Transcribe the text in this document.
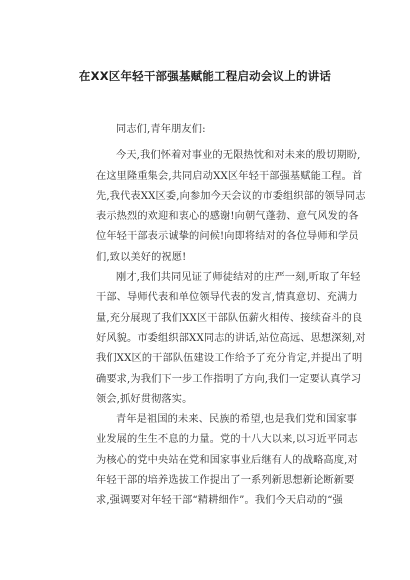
在XX区年轻干部强基赋能工程启动会议上的讲话

同志们,青年朋友们:

今天,我们怀着对事业的无限热忱和对未来的殷切期盼,
在这里隆重集会,共同启动XX区年轻干部强基赋能工程。首
先,我代表XX区委,向参加今天会议的市委组织部的领导同志
表示热烈的欢迎和衷心的感谢!向朝气蓬勃、意气风发的各
位年轻干部表示诚挚的问候!向即将结对的各位导师和学员
们,致以美好的祝愿!

刚才,我们共同见证了师徒结对的庄严一刻,听取了年轻
干部、导师代表和单位领导代表的发言,情真意切、充满力
量,充分展现了我们XX区干部队伍薪火相传、接续奋斗的良
好风貌。市委组织部XX同志的讲话,站位高远、思想深刻,对
我们XX区的干部队伍建设工作给予了充分肯定,并提出了明
确要求,为我们下一步工作指明了方向,我们一定要认真学习
领会,抓好贯彻落实。

青年是祖国的未来、民族的希望,也是我们党和国家事
业发展的生生不息的力量。党的十八大以来,以习近平同志
为核心的党中央站在党和国家事业后继有人的战略高度,对
年轻干部的培养选拔工作提出了一系列新思想新论断新要
求,强调要对年轻干部“精耕细作”。我们今天启动的“强
